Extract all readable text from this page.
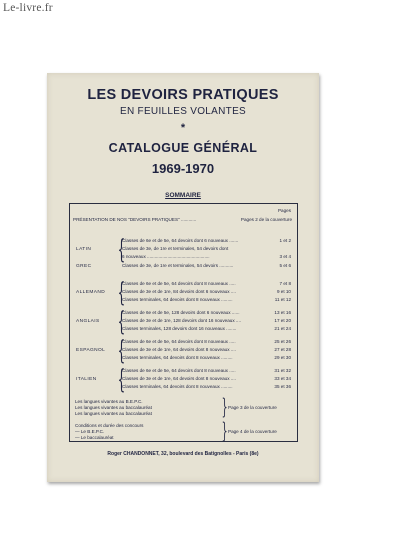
Le-livre.fr
LES DEVOIRS PRATIQUES
EN FEUILLES VOLANTES
*
CATALOGUE GÉNÉRAL
1969-1970
SOMMAIRE
Pages
PRÉSENTATION DE NOS "DEVOIRS PRATIQUES" ............	Pages 2 de la couverture
LATIN {
Classes de 6e et de 5e, 64 devoirs dont 6 nouveaux .......	1 et 2
Classes de 3e, de 1re et terminales, 54 devoirs dont
6 nouveaux .................................................	3 et 4
GREC	Classes de 3e, de 1re et terminales, 54 devoirs ...........	5 et 6
ALLEMAND {
Classes de 6e et de 5e, 64 devoirs dont 8 nouveaux .....	7 et 8
Classes de 3e et de 1re, 84 devoirs dont 6 nouveaux ....	9 et 10
Classes terminales, 64 devoirs dont 8 nouveaux .........	11 et 12
ANGLAIS {
Classes de 6e et de 5e, 128 devoirs dont 6 nouveaux ......	13 et 16
Classes de 3e et de 1re, 128 devoirs dont 16 nouveaux ....	17 et 20
Classes terminales, 128 devoirs dont 16 nouveaux ........	21 et 24
ESPAGNOL {
Classes de 6e et de 5e, 64 devoirs dont 8 nouveaux .....	25 et 26
Classes de 3e et de 1re, 64 devoirs dont 8 nouveaux ....	27 et 28
Classes terminales, 64 devoirs dont 8 nouveaux .........	29 et 30
ITALIEN {
Classes de 6e et de 5e, 64 devoirs dont 8 nouveaux .....	31 et 32
Classes de 3e et de 1re, 64 devoirs dont 8 nouveaux ....	33 et 34
Classes terminales, 64 devoirs dont 8 nouveaux .........	35 et 36
Les langues vivantes au B.E.P.C.
Les langues vivantes au baccalauréat
Les langues vivantes au baccalauréat	} Page 3 de la couverture
Conditions et durée des concours
— Le B.E.P.C.
— Le baccalauréat	} Page 4 de la couverture
Roger CHANDONNET, 32, boulevard des Batignolles - Paris (8e)
